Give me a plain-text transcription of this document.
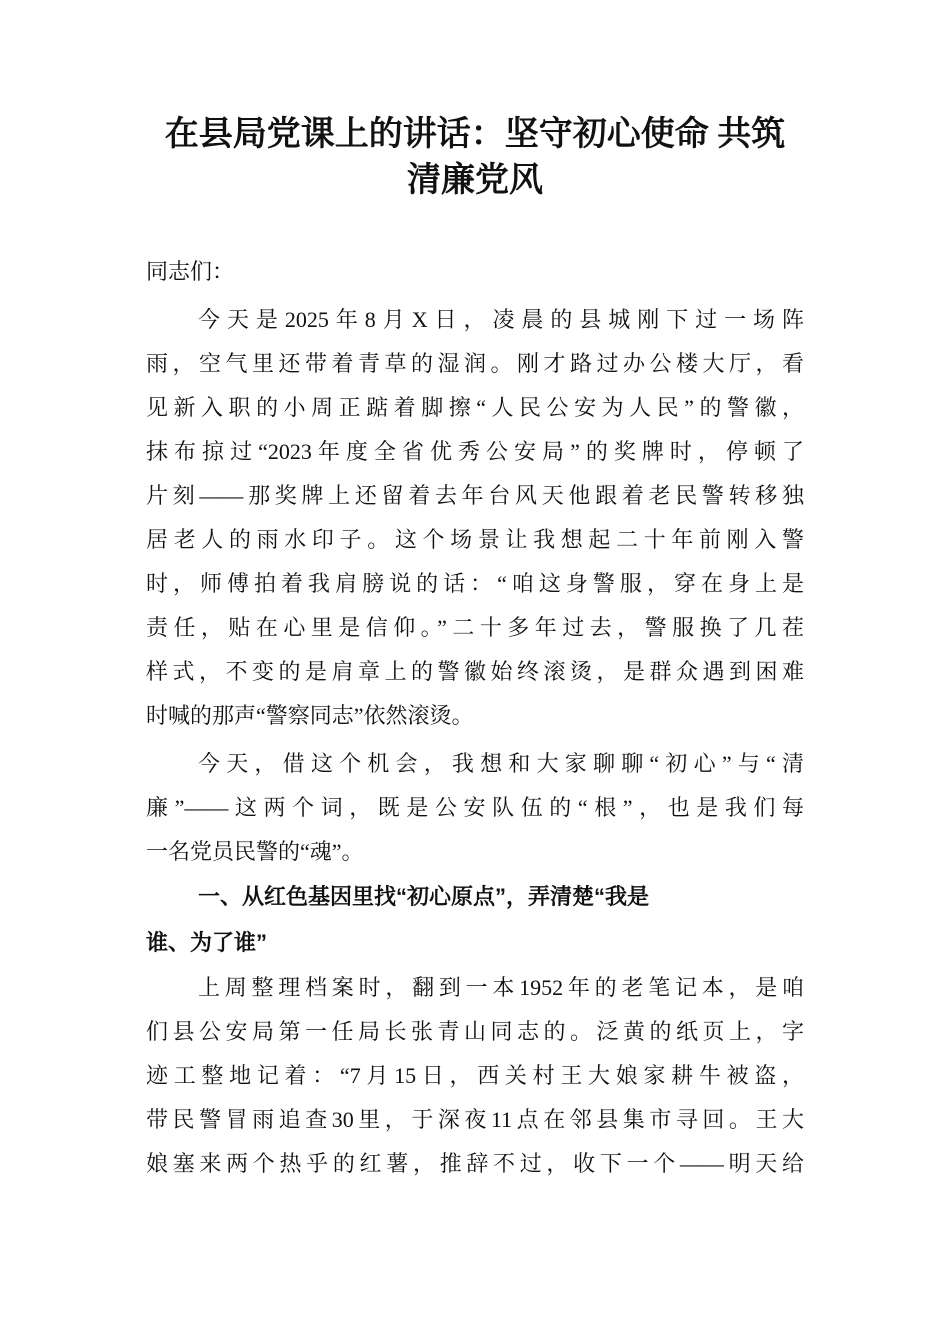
在县局党课上的讲话：坚守初心使命 共筑
清廉党风
同志们：
今天是2025年8月X日，凌晨的县城刚下过一场阵
雨，空气里还带着青草的湿润。刚才路过办公楼大厅，看
见新入职的小周正踮着脚擦“人民公安为人民”的警徽，
抹布掠过“2023年度全省优秀公安局”的奖牌时，停顿了
片刻——那奖牌上还留着去年台风天他跟着老民警转移独
居老人的雨水印子。这个场景让我想起二十年前刚入警
时，师傅拍着我肩膀说的话：“咱这身警服，穿在身上是
责任，贴在心里是信仰。”二十多年过去，警服换了几茬
样式，不变的是肩章上的警徽始终滚烫，是群众遇到困难
时喊的那声“警察同志”依然滚烫。
今天，借这个机会，我想和大家聊聊“初心”与“清
廉”——这两个词，既是公安队伍的“根”，也是我们每
一名党员民警的“魂”。
一、从红色基因里找“初心原点”，弄清楚“我是
谁、为了谁”
上周整理档案时，翻到一本1952年的老笔记本，是咱
们县公安局第一任局长张青山同志的。泛黄的纸页上，字
迹工整地记着：“7月15日，西关村王大娘家耕牛被盗，
带民警冒雨追查30里，于深夜11点在邻县集市寻回。王大
娘塞来两个热乎的红薯，推辞不过，收下一个——明天给
